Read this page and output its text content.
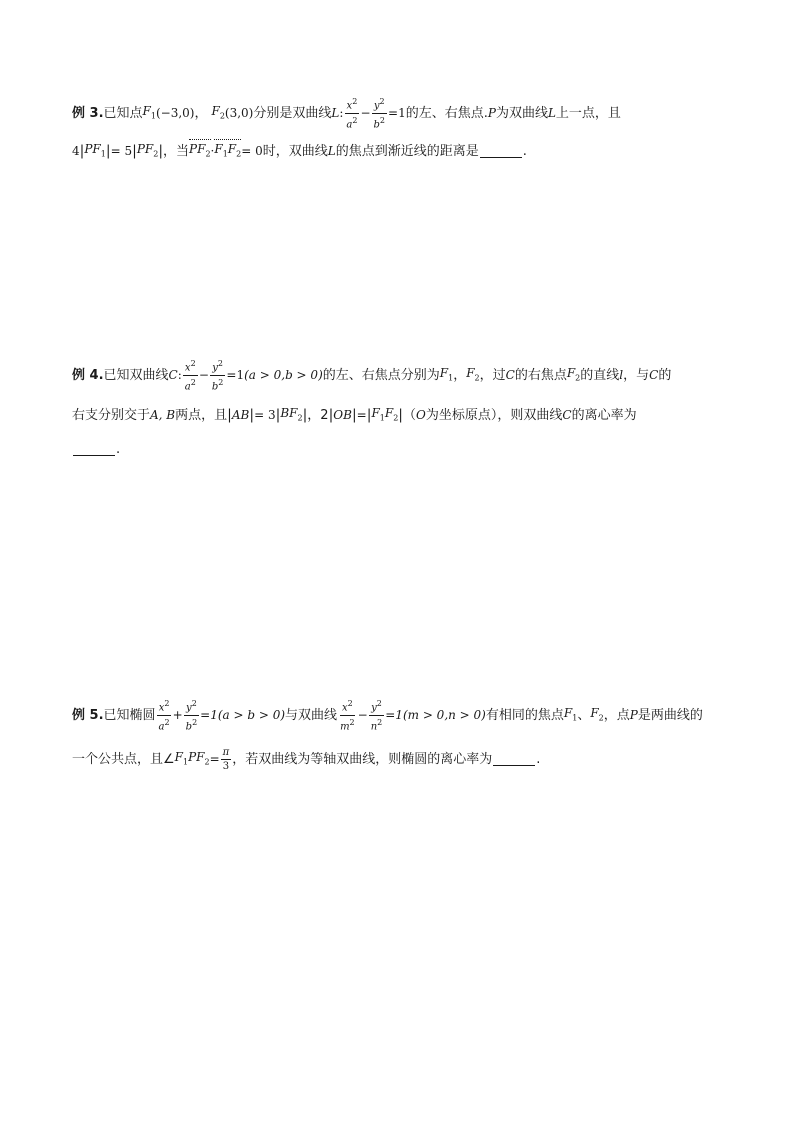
例 3. 已知点 $F_1$ (−3,0) ， $F_2$ (3,0) 分别是双曲线 L : $\frac{x^2}{a^2} - \frac{y^2}{b^2} =1$ 的左、右焦点. P 为双曲线 L 上一点，且
4 | $PF_1$ | = 5 | $PF_2$ | ，当 $PF_2 \cdot F_1F_2 = 0$ 时，双曲线 L 的焦点到渐近线的距离是	.
例 4. 已知双曲线 C : $\frac{x^2}{a^2} - \frac{y^2}{b^2} =1$ (a > 0,b > 0) 的左、右焦点分别为 $F_1$ ， $F_2$ ，过 C 的右焦点 $F_2$ 的直线 l ，与 C 的
右支分别交于 A, B 两点，且 | AB | = 3 | $BF_2$ | ，2 | OB | = | $F_1F_2$ | （ O 为坐标原点），则双曲线 C 的离心率为
.
例 5. 已知椭圆 $\frac{x^2}{a^2} + \frac{y^2}{b^2} =1(a > b > 0)$ 与双曲线 $\frac{x^2}{m^2} - \frac{y^2}{n^2} =1(m > 0,n > 0)$ 有相同的焦点 $F_1$ 、 $F_2$ ，点 P 是两曲线的
一个公共点，且∠ $F_1PF_2 = \frac{\pi}{3}$ ，若双曲线为等轴双曲线，则椭圆的离心率为	.
